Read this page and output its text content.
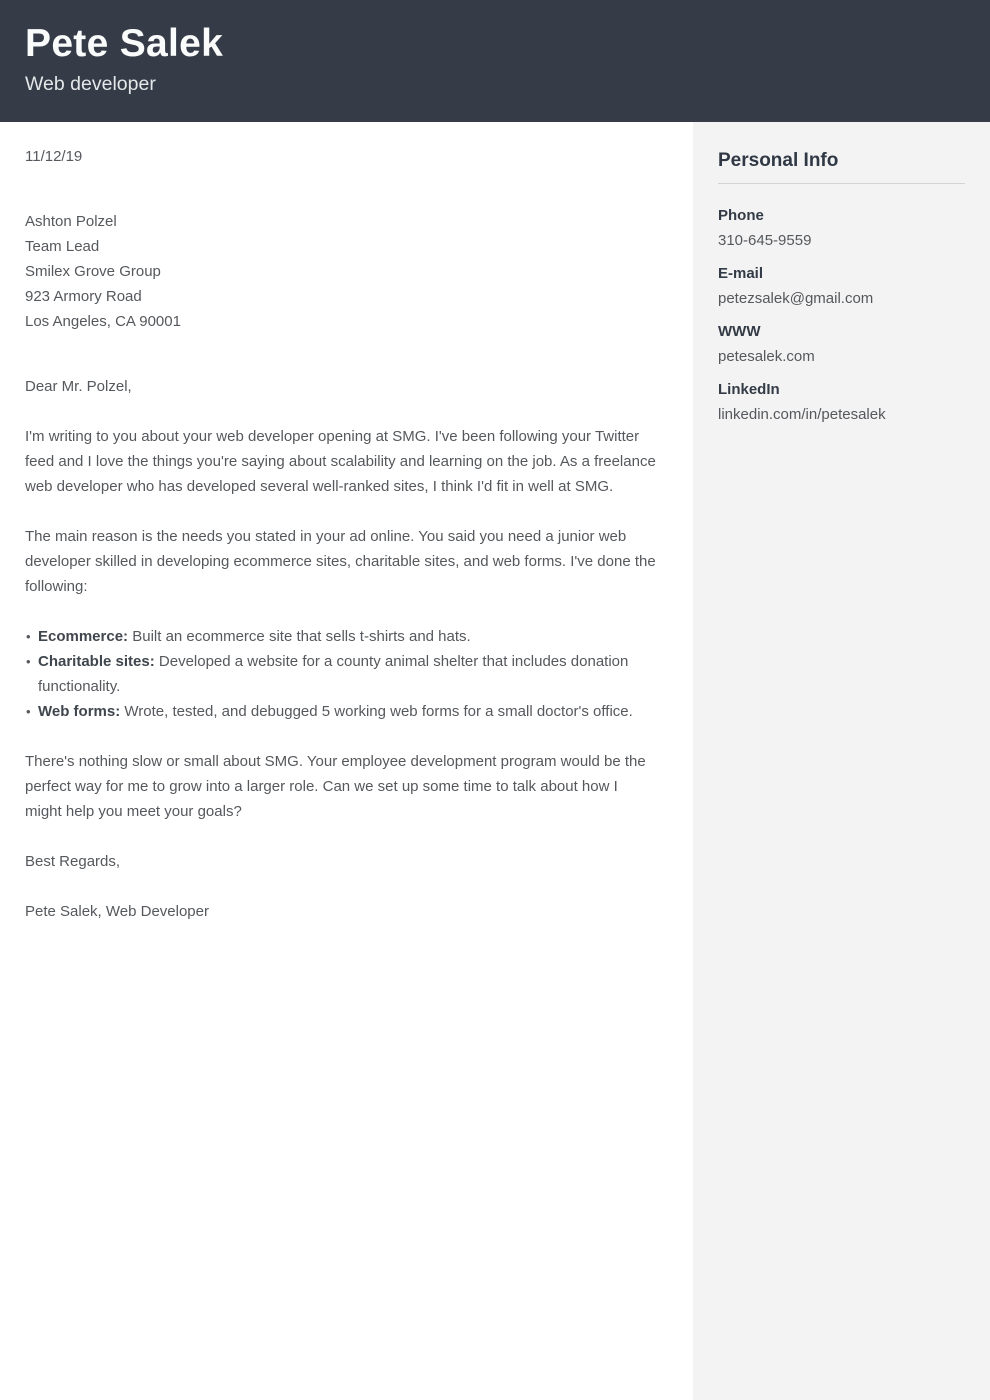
Pete Salek
Web developer
11/12/19
Ashton Polzel
Team Lead
Smilex Grove Group
923 Armory Road
Los Angeles, CA 90001

Dear Mr. Polzel,

I'm writing to you about your web developer opening at SMG. I've been following your Twitter feed and I love the things you're saying about scalability and learning on the job. As a freelance web developer who has developed several well-ranked sites, I think I'd fit in well at SMG.

The main reason is the needs you stated in your ad online. You said you need a junior web developer skilled in developing ecommerce sites, charitable sites, and web forms. I've done the following:

• Ecommerce: Built an ecommerce site that sells t-shirts and hats.
• Charitable sites: Developed a website for a county animal shelter that includes donation functionality.
• Web forms: Wrote, tested, and debugged 5 working web forms for a small doctor's office.

There's nothing slow or small about SMG. Your employee development program would be the perfect way for me to grow into a larger role. Can we set up some time to talk about how I might help you meet your goals?

Best Regards,

Pete Salek, Web Developer

Personal Info
Phone
310-645-9559
E-mail
petezsalek@gmail.com
WWW
petesalek.com
LinkedIn
linkedin.com/in/petesalek
